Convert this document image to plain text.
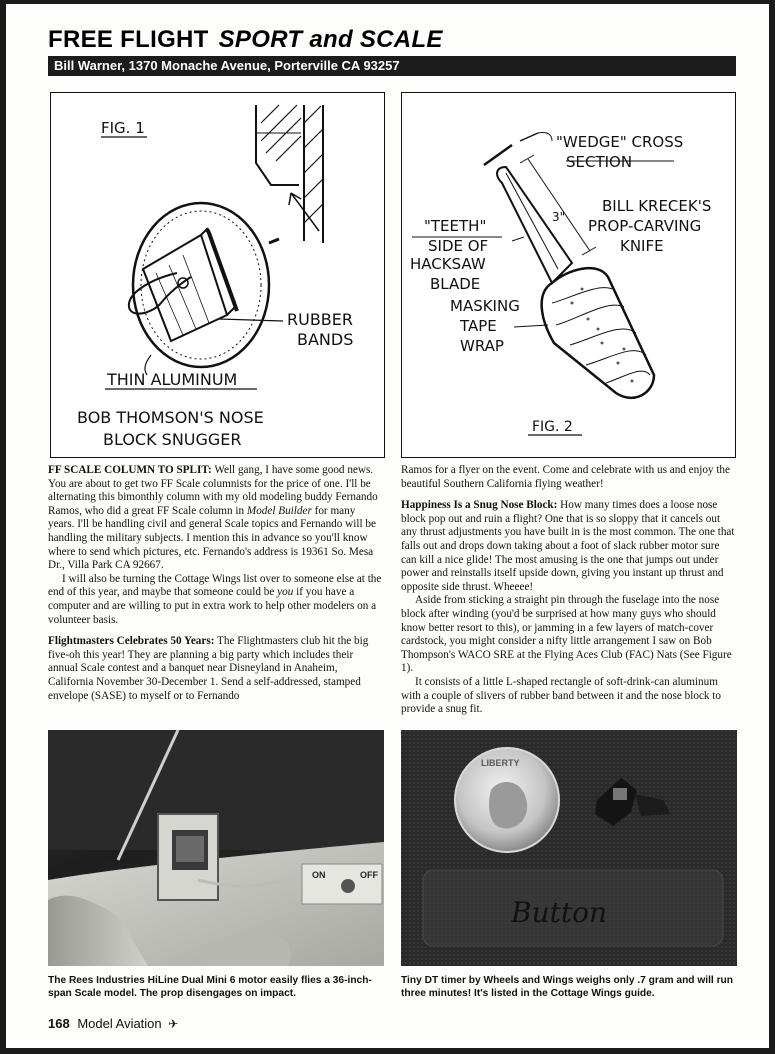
FREE FLIGHT SPORT and SCALE
Bill Warner, 1370 Monache Avenue, Porterville CA 93257
FIG. 1
RUBBER
BANDS
THIN ALUMINUM
BOB THOMSON'S NOSE
BLOCK SNUGGER
"WEDGE" CROSS
SECTION
BILL KRECEK'S
PROP-CARVING
KNIFE
"TEETH"
SIDE OF
HACKSAW
BLADE
3"
MASKING
TAPE
WRAP
FIG. 2

FF SCALE COLUMN TO SPLIT: Well gang, I have some good news. You are about to get two FF Scale columnists for the price of one. I'll be alternating this bimonthly column with my old modeling buddy Fernando Ramos, who did a great FF Scale column in Model Builder for many years. I'll be handling civil and general Scale topics and Fernando will be handling the military subjects. I mention this in advance so you'll know where to send which pictures, etc. Fernando's address is 19361 So. Mesa Dr., Villa Park CA 92667.

I will also be turning the Cottage Wings list over to someone else at the end of this year, and maybe that someone could be you if you have a computer and are willing to put in extra work to help other modelers on a volunteer basis.

Flightmasters Celebrates 50 Years: The Flightmasters club hit the big five-oh this year! They are planning a big party which includes their annual Scale contest and a banquet near Disneyland in Anaheim, California November 30-December 1. Send a self-addressed, stamped envelope (SASE) to myself or to Fernando

Ramos for a flyer on the event. Come and celebrate with us and enjoy the beautiful Southern California flying weather!

Happiness Is a Snug Nose Block: How many times does a loose nose block pop out and ruin a flight? One that is so sloppy that it cancels out any thrust adjustments you have built in is the most common. The one that falls out and drops down taking about a foot of slack rubber motor sure can kill a nice glide! The most amusing is the one that jumps out under power and reinstalls itself upside down, giving you instant up thrust and opposite side thrust. Wheeee!

Aside from sticking a straight pin through the fuselage into the nose block after winding (you'd be surprised at how many guys who should know better resort to this), or jamming in a few layers of match-cover cardstock, you might consider a nifty little arrangement I saw on Bob Thompson's WACO SRE at the Flying Aces Club (FAC) Nats (See Figure 1).

It consists of a little L-shaped rectangle of soft-drink-can aluminum with a couple of slivers of rubber band between it and the nose block to provide a snug fit.

ON	OFF
The Rees Industries HiLine Dual Mini 6 motor easily flies a 36-inch-span Scale model. The prop disengages on impact.
LIBERTY
Button
Tiny DT timer by Wheels and Wings weighs only .7 gram and will run three minutes! It's listed in the Cottage Wings guide.
168 Model Aviation ✈
